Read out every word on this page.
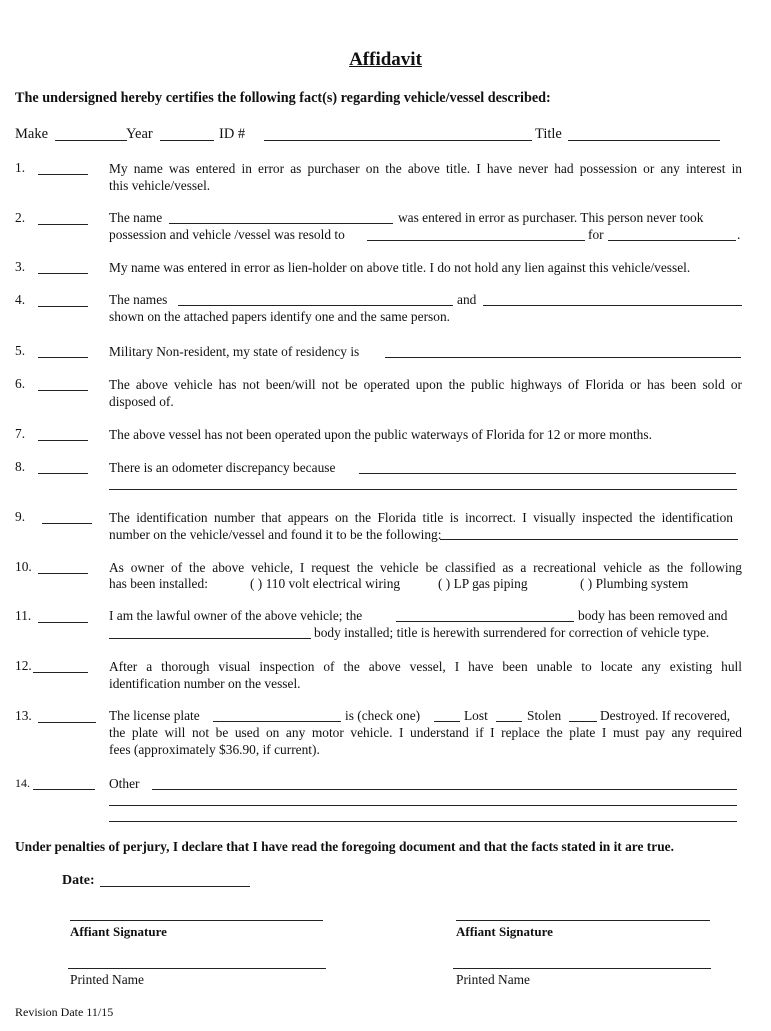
Affidavit
The undersigned hereby certifies the following fact(s) regarding vehicle/vessel described:
Make	Year	ID #	Title
1.	My name was entered in error as purchaser on the above title. I have never had possession or any interest in
this vehicle/vessel.
2.	The name	was entered in error as purchaser. This person never took
possession and vehicle /vessel was resold to	for	.
3.	My name was entered in error as lien-holder on above title. I do not hold any lien against this vehicle/vessel.
4.	The names	and
shown on the attached papers identify one and the same person.
5.	Military Non-resident, my state of residency is
6.	The above vehicle has not been/will not be operated upon the public highways of Florida or has been sold or
disposed of.
7.	The above vessel has not been operated upon the public waterways of Florida for 12 or more months.
8.	There is an odometer discrepancy because
9.	The identification number that appears on the Florida title is incorrect. I visually inspected the identification
number on the vehicle/vessel and found it to be the following:
10.	As owner of the above vehicle, I request the vehicle be classified as a recreational vehicle as the following
has been installed:	( ) 110 volt electrical wiring	( ) LP gas piping	( ) Plumbing system
11.	I am the lawful owner of the above vehicle; the	body has been removed and
body installed; title is herewith surrendered for correction of vehicle type.
12.	After a thorough visual inspection of the above vessel, I have been unable to locate any existing hull
identification number on the vessel.
13.	The license plate	is (check one)	Lost	Stolen	Destroyed. If recovered,
the plate will not be used on any motor vehicle. I understand if I replace the plate I must pay any required
fees (approximately $36.90, if current).
14.	Other
Under penalties of perjury, I declare that I have read the foregoing document and that the facts stated in it are true.
Date:
Affiant Signature	Affiant Signature
Printed Name	Printed Name
Revision Date 11/15
